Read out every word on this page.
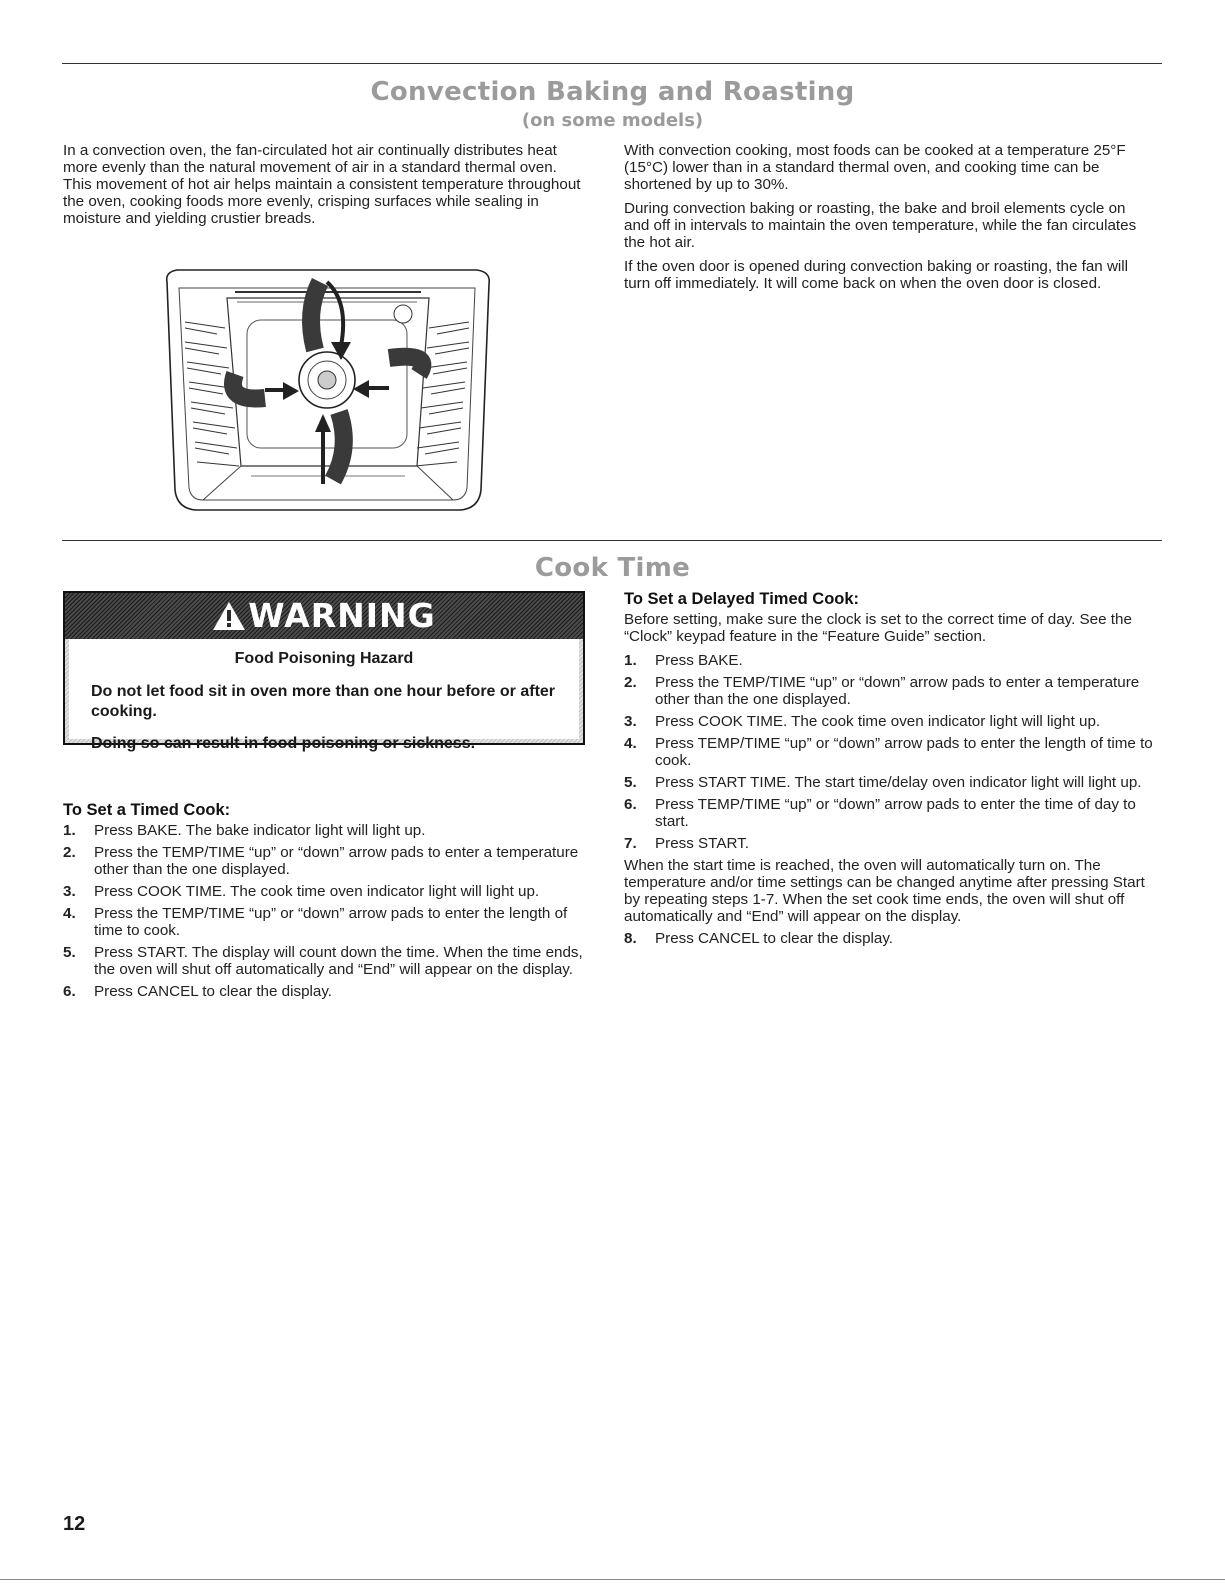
Convection Baking and Roasting
(on some models)

In a convection oven, the fan-circulated hot air continually distributes heat more evenly than the natural movement of air in a standard thermal oven. This movement of hot air helps maintain a consistent temperature throughout the oven, cooking foods more evenly, crisping surfaces while sealing in moisture and yielding crustier breads.

With convection cooking, most foods can be cooked at a temperature 25°F (15°C) lower than in a standard thermal oven, and cooking time can be shortened by up to 30%.

During convection baking or roasting, the bake and broil elements cycle on and off in intervals to maintain the oven temperature, while the fan circulates the hot air.

If the oven door is opened during convection baking or roasting, the fan will turn off immediately. It will come back on when the oven door is closed.

Cook Time
WARNING
Food Poisoning Hazard
Do not let food sit in oven more than one hour before or after cooking.
Doing so can result in food poisoning or sickness.
To Set a Timed Cook:
1. Press BAKE. The bake indicator light will light up.
2. Press the TEMP/TIME “up” or “down” arrow pads to enter a temperature other than the one displayed.
3. Press COOK TIME. The cook time oven indicator light will light up.
4. Press the TEMP/TIME “up” or “down” arrow pads to enter the length of time to cook.
5. Press START. The display will count down the time. When the time ends, the oven will shut off automatically and “End” will appear on the display.
6. Press CANCEL to clear the display.
To Set a Delayed Timed Cook:

Before setting, make sure the clock is set to the correct time of day. See the “Clock” keypad feature in the “Feature Guide” section.

1. Press BAKE.
2. Press the TEMP/TIME “up” or “down” arrow pads to enter a temperature other than the one displayed.
3. Press COOK TIME. The cook time oven indicator light will light up.
4. Press TEMP/TIME “up” or “down” arrow pads to enter the length of time to cook.
5. Press START TIME. The start time/delay oven indicator light will light up.
6. Press TEMP/TIME “up” or “down” arrow pads to enter the time of day to start.
7. Press START.

When the start time is reached, the oven will automatically turn on. The temperature and/or time settings can be changed anytime after pressing Start by repeating steps 1-7. When the set cook time ends, the oven will shut off automatically and “End” will appear on the display.

8. Press CANCEL to clear the display.
12
